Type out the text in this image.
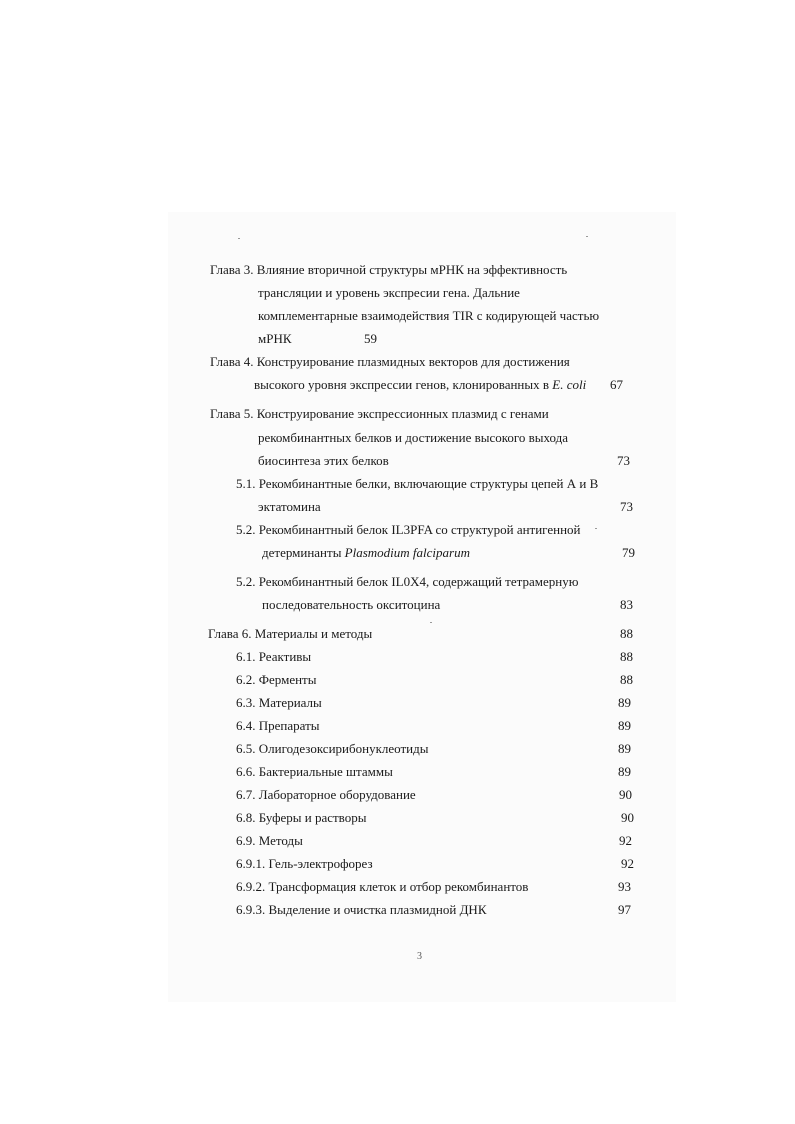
Глава 3. Влияние вторичной структуры мРНК на эффективность
трансляции и уровень экспресии гена. Дальние
комплементарные взаимодействия TIR с кодирующей частью
мРНК	59
Глава 4. Конструирование плазмидных векторов для достижения
высокого уровня экспрессии генов, клонированных в E. coli 67
Глава 5. Конструирование экспрессионных плазмид с генами
рекомбинантных белков и достижение высокого выхода
биосинтеза этих белков	73
5.1. Рекомбинантные белки, включающие структуры цепей А и В
эктатомина	73
5.2. Рекомбинантный белок IL3PFA со структурой антигенной
детерминанты Plasmodium falciparum	79
5.2. Рекомбинантный белок IL0X4, содержащий тетрамерную
последовательность окситоцина	83
Глава 6. Материалы и методы	88
6.1. Реактивы	88
6.2. Ферменты	88
6.3. Материалы	89
6.4. Препараты	89
6.5. Олигодезоксирибонуклеотиды	89
6.6. Бактериальные штаммы	89
6.7. Лабораторное оборудование	90
6.8. Буферы и растворы	90
6.9. Методы	92
6.9.1. Гель-электрофорез	92
6.9.2. Трансформация клеток и отбор рекомбинантов	93
6.9.3. Выделение и очистка плазмидной ДНК	97
3
